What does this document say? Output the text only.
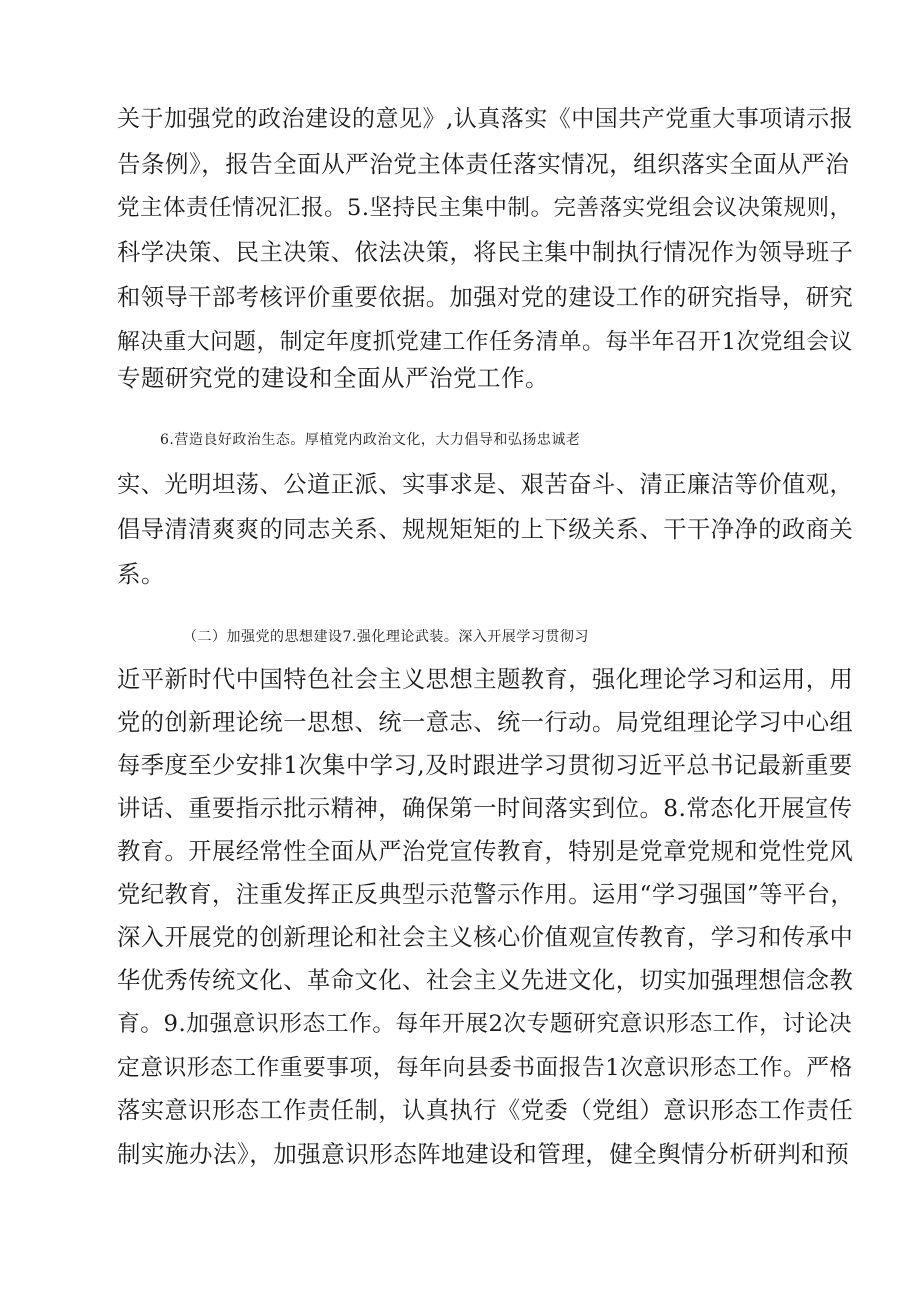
关于加强党的政治建设的意见》,认真落实《中国共产党重大事项请示报
告条例》，报告全面从严治党主体责任落实情况，组织落实全面从严治
党主体责任情况汇报。5.坚持民主集中制。完善落实党组会议决策规则，
科学决策、民主决策、依法决策，将民主集中制执行情况作为领导班子
和领导干部考核评价重要依据。加强对党的建设工作的研究指导，研究
解决重大问题，制定年度抓党建工作任务清单。每半年召开1次党组会议
专题研究党的建设和全面从严治党工作。
6.营造良好政治生态。厚植党内政治文化，大力倡导和弘扬忠诚老
实、光明坦荡、公道正派、实事求是、艰苦奋斗、清正廉洁等价值观，
倡导清清爽爽的同志关系、规规矩矩的上下级关系、干干净净的政商关
系。
（二）加强党的思想建设7.强化理论武装。深入开展学习贯彻习
近平新时代中国特色社会主义思想主题教育，强化理论学习和运用，用
党的创新理论统一思想、统一意志、统一行动。局党组理论学习中心组
每季度至少安排1次集中学习,及时跟进学习贯彻习近平总书记最新重要
讲话、重要指示批示精神，确保第一时间落实到位。8.常态化开展宣传
教育。开展经常性全面从严治党宣传教育，特别是党章党规和党性党风
党纪教育，注重发挥正反典型示范警示作用。运用“学习强国”等平台，
深入开展党的创新理论和社会主义核心价值观宣传教育，学习和传承中
华优秀传统文化、革命文化、社会主义先进文化，切实加强理想信念教
育。9.加强意识形态工作。每年开展2次专题研究意识形态工作，讨论决
定意识形态工作重要事项，每年向县委书面报告1次意识形态工作。严格
落实意识形态工作责任制，认真执行《党委（党组）意识形态工作责任
制实施办法》，加强意识形态阵地建设和管理，健全舆情分析研判和预
